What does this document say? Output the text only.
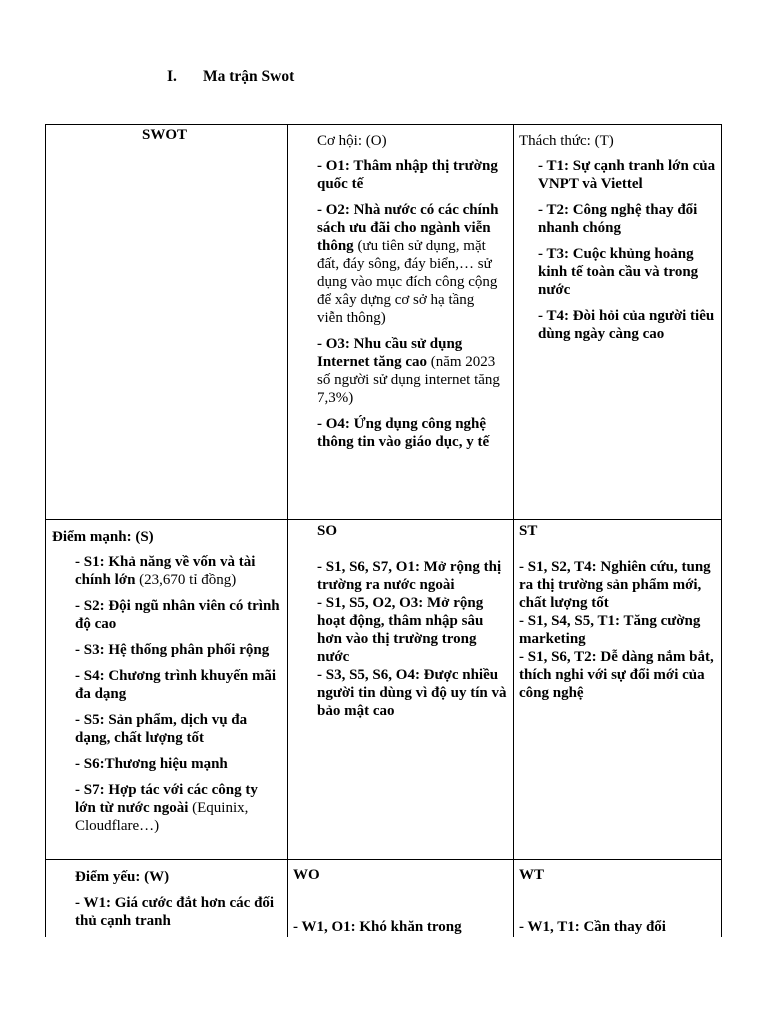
I. Ma trận Swot
SWOT	Cơ hội: (O)

- O1: Thâm nhập thị trường quốc tế

- O2: Nhà nước có các chính sách ưu đãi cho ngành viễn thông (ưu tiên sử dụng, mặt đất, đáy sông, đáy biển,… sử dụng vào mục đích công cộng để xây dựng cơ sở hạ tầng viễn thông)

- O3: Nhu cầu sử dụng Internet tăng cao (năm 2023 số người sử dụng internet tăng 7,3%)

- O4: Ứng dụng công nghệ thông tin vào giáo dục, y tế

Thách thức: (T)

- T1: Sự cạnh tranh lớn của VNPT và Viettel

- T2: Công nghệ thay đổi nhanh chóng

- T3: Cuộc khủng hoảng kinh tế toàn cầu và trong nước

- T4: Đòi hỏi của người tiêu dùng ngày càng cao

Điểm mạnh: (S)

- S1: Khả năng về vốn và tài chính lớn (23,670 tỉ đồng)

- S2: Đội ngũ nhân viên có trình độ cao

- S3: Hệ thống phân phối rộng

- S4: Chương trình khuyến mãi đa dạng

- S5: Sản phẩm, dịch vụ đa dạng, chất lượng tốt

- S6:Thương hiệu mạnh

- S7: Hợp tác với các công ty lớn từ nước ngoài (Equinix, Cloudflare…)

SO

- S1, S6, S7, O1: Mở rộng thị trường ra nước ngoài

- S1, S5, O2, O3: Mở rộng hoạt động, thâm nhập sâu hơn vào thị trường trong nước

- S3, S5, S6, O4: Được nhiều người tin dùng vì độ uy tín và bảo mật cao

ST

- S1, S2, T4: Nghiên cứu, tung ra thị trường sản phẩm mới, chất lượng tốt

- S1, S4, S5, T1: Tăng cường marketing

- S1, S6, T2: Dễ dàng nắm bắt, thích nghi với sự đổi mới của công nghệ

Điểm yếu: (W)

- W1: Giá cước đắt hơn các đối thủ cạnh tranh

WO

- W1, O1: Khó khăn trong

WT

- W1, T1: Cần thay đổi
